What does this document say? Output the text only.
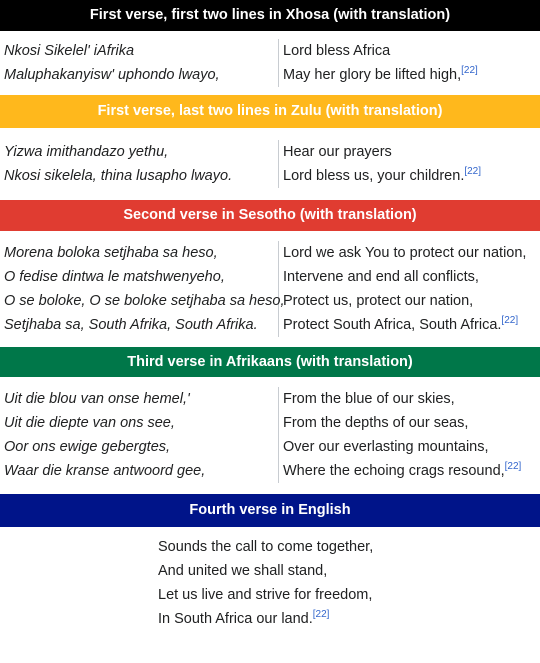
First verse, first two lines in Xhosa (with translation)
Nkosi Sikelel' iAfrika
Maluphakanyisw' uphondo lwayo,
Lord bless Africa
May her glory be lifted high,[22]
First verse, last two lines in Zulu (with translation)
Yizwa imithandazo yethu,
Nkosi sikelela, thina lusapho lwayo.
Hear our prayers
Lord bless us, your children.[22]
Second verse in Sesotho (with translation)
Morena boloka setjhaba sa heso,
O fedise dintwa le matshwenyeho,
O se boloke, O se boloke setjhaba sa heso,
Setjhaba sa, South Afrika, South Afrika.
Lord we ask You to protect our nation,
Intervene and end all conflicts,
Protect us, protect our nation,
Protect South Africa, South Africa.[22]
Third verse in Afrikaans (with translation)
Uit die blou van onse hemel,'
Uit die diepte van ons see,
Oor ons ewige gebergtes,
Waar die kranse antwoord gee,
From the blue of our skies,
From the depths of our seas,
Over our everlasting mountains,
Where the echoing crags resound,[22]
Fourth verse in English
Sounds the call to come together,
And united we shall stand,
Let us live and strive for freedom,
In South Africa our land.[22]
